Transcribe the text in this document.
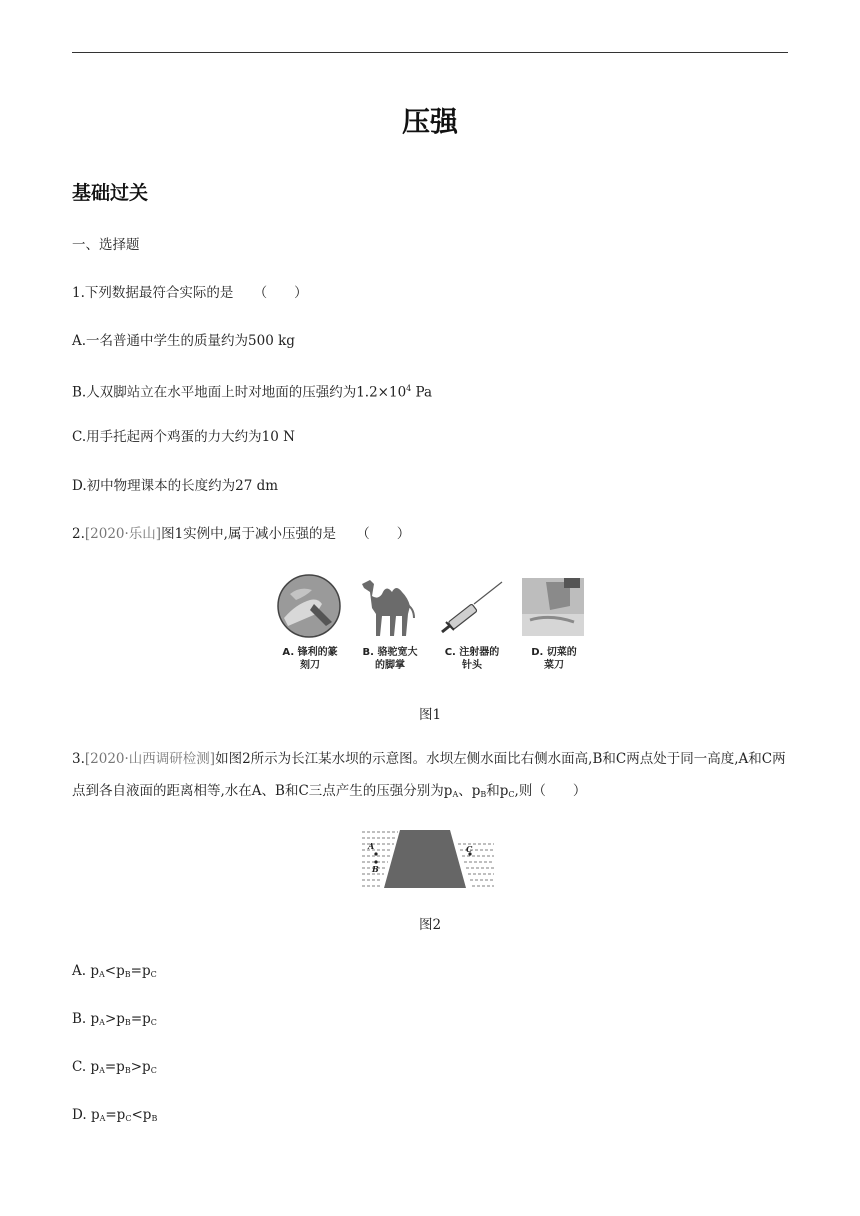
压强
基础过关
一、选择题
1.下列数据最符合实际的是　　（　　）
A.一名普通中学生的质量约为500 kg
B.人双脚站立在水平地面上时对地面的压强约为$1.2\times 10^4$ Pa
C.用手托起两个鸡蛋的力大约为10 N
D.初中物理课本的长度约为27 dm
2.[2020·乐山]图1实例中,属于减小压强的是　　（　　）
A. 锋利的篆
刻刀
B. 骆驼宽大
的脚掌
C. 注射器的
针头
D. 切菜的
菜刀
图1
3.[2020·山西调研检测]如图2所示为长江某水坝的示意图。水坝左侧水面比右侧水面高,B和C两点处于同一高度,A和C两点到各自液面的距离相等,水在A、B和C三点产生的压强分别为$p_A$、$p_B$和$p_C$,则（　　）
A
B
C
图2
A. $p_A<p_B=p_C$
B. $p_A>p_B=p_C$
C. $p_A=p_B>p_C$
D. $p_A=p_C<p_B$
